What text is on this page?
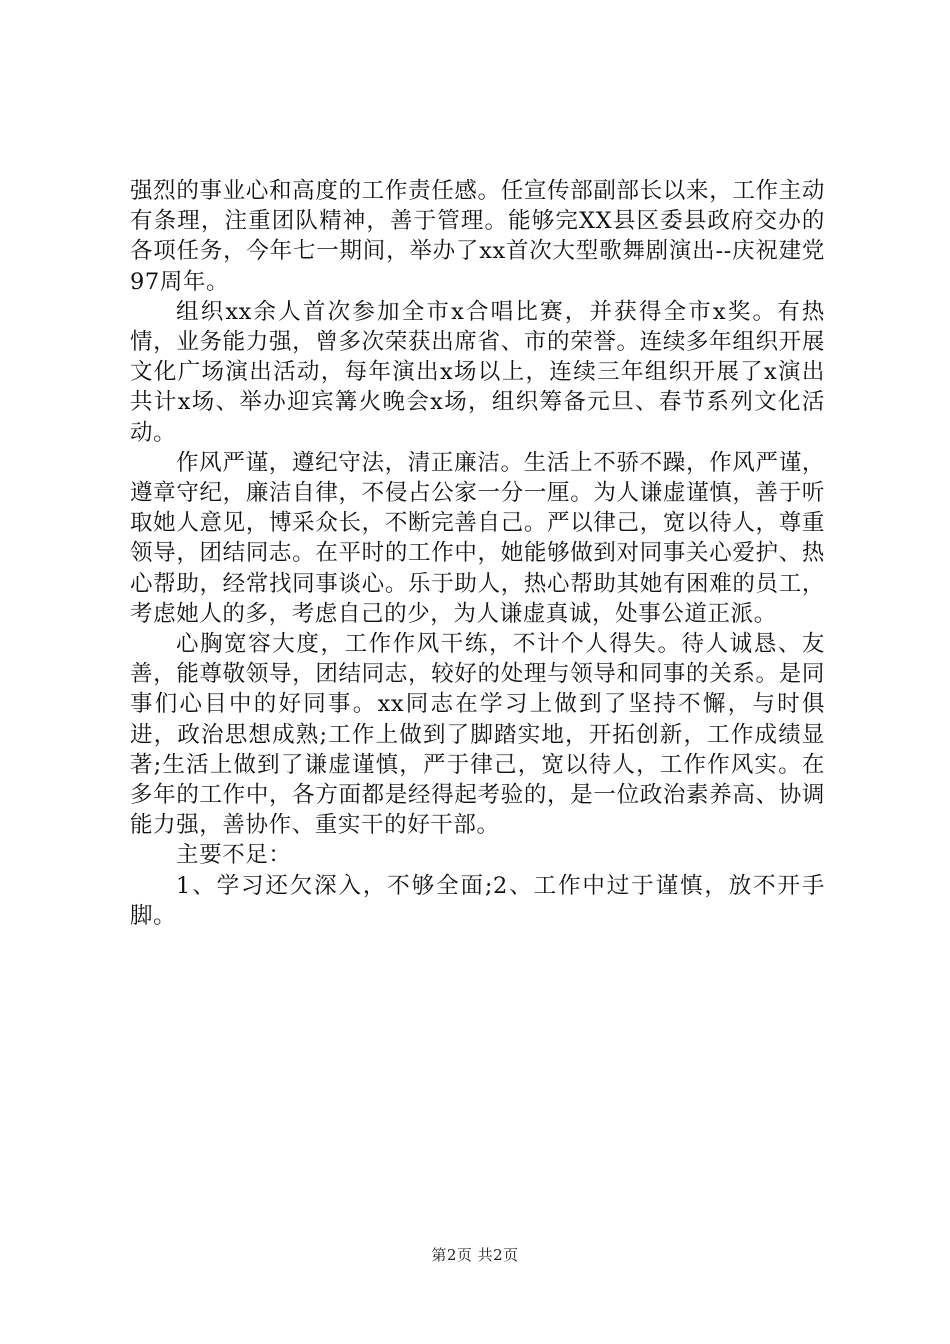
强烈的事业心和高度的工作责任感。任宣传部副部长以来，工作主动有条理，注重团队精神，善于管理。能够完XX县区委县政府交办的各项任务，今年七一期间，举办了xx首次大型歌舞剧演出--庆祝建党97周年。

组织xx余人首次参加全市x合唱比赛，并获得全市x奖。有热情，业务能力强，曾多次荣获出席省、市的荣誉。连续多年组织开展文化广场演出活动，每年演出x场以上，连续三年组织开展了x演出共计x场、举办迎宾篝火晚会x场，组织筹备元旦、春节系列文化活动。

作风严谨，遵纪守法，清正廉洁。生活上不骄不躁，作风严谨，遵章守纪，廉洁自律，不侵占公家一分一厘。为人谦虚谨慎，善于听取她人意见，博采众长，不断完善自己。严以律己，宽以待人，尊重领导，团结同志。在平时的工作中，她能够做到对同事关心爱护、热心帮助，经常找同事谈心。乐于助人，热心帮助其她有困难的员工，考虑她人的多，考虑自己的少，为人谦虚真诚，处事公道正派。

心胸宽容大度，工作作风干练，不计个人得失。待人诚恳、友善，能尊敬领导，团结同志，较好的处理与领导和同事的关系。是同事们心目中的好同事。xx同志在学习上做到了坚持不懈，与时俱进，政治思想成熟;工作上做到了脚踏实地，开拓创新，工作成绩显著;生活上做到了谦虚谨慎，严于律己，宽以待人，工作作风实。在多年的工作中，各方面都是经得起考验的，是一位政治素养高、协调能力强，善协作、重实干的好干部。

主要不足：

1、学习还欠深入，不够全面;2、工作中过于谨慎，放不开手脚。

第2页 共2页
